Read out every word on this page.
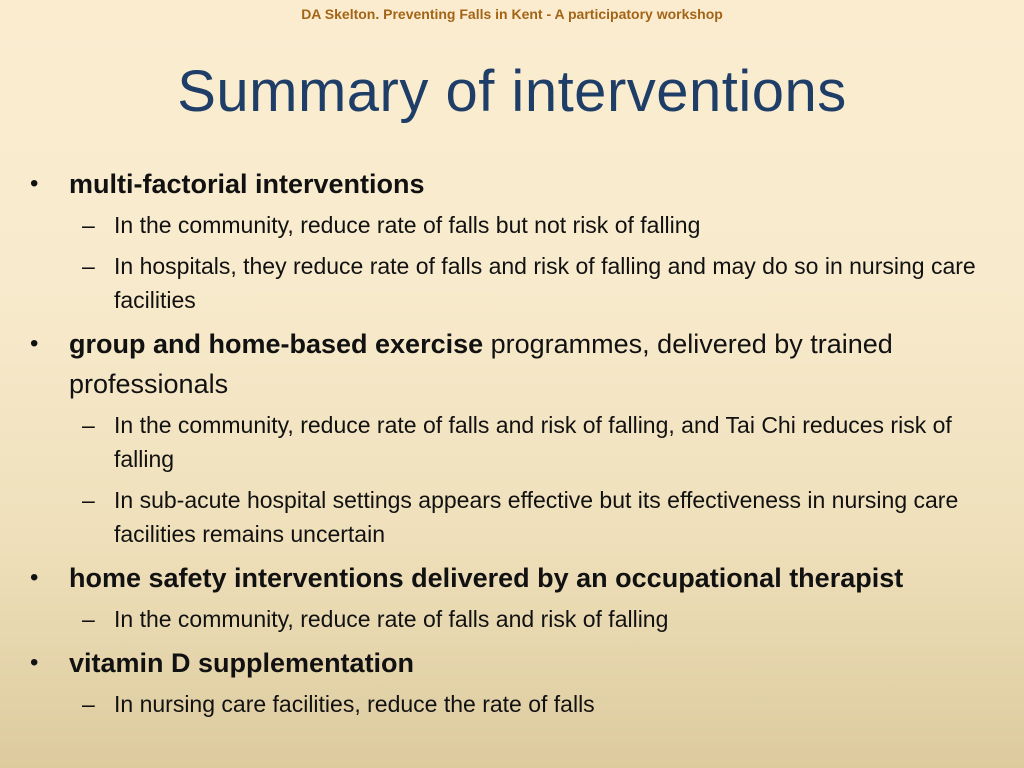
DA Skelton. Preventing Falls in Kent - A participatory workshop
Summary of interventions
•	multi-factorial interventions
– In the community, reduce rate of falls but not risk of falling
– In hospitals, they reduce rate of falls and risk of falling and may do so in nursing care facilities
•	group and home-based exercise programmes, delivered by trained professionals
– In the community, reduce rate of falls and risk of falling, and Tai Chi reduces risk of falling
– In sub-acute hospital settings appears effective but its effectiveness in nursing care facilities remains uncertain
•	home safety interventions delivered by an occupational therapist
– In the community, reduce rate of falls and risk of falling
•	vitamin D supplementation
– In nursing care facilities, reduce the rate of falls
